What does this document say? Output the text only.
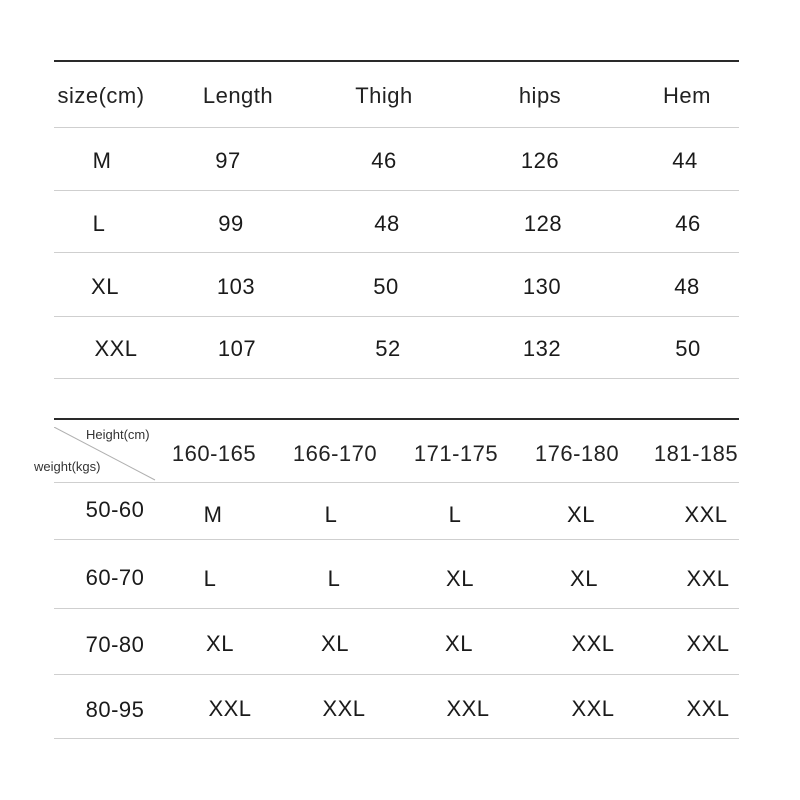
size(cm)	Length	Thigh	hips	Hem
M	97	46	126	44
L	99	48	128	46
XL	103	50	130	48
XXL	107	52	132	50
Height(cm)
weight(kgs)
160-165 166-170 171-175 176-180 181-185
50-60	M	L	L	XL	XXL
60-70	L	L	XL	XL	XXL
70-80	XL	XL	XL	XXL	XXL
80-95	XXL	XXL	XXL	XXL	XXL
